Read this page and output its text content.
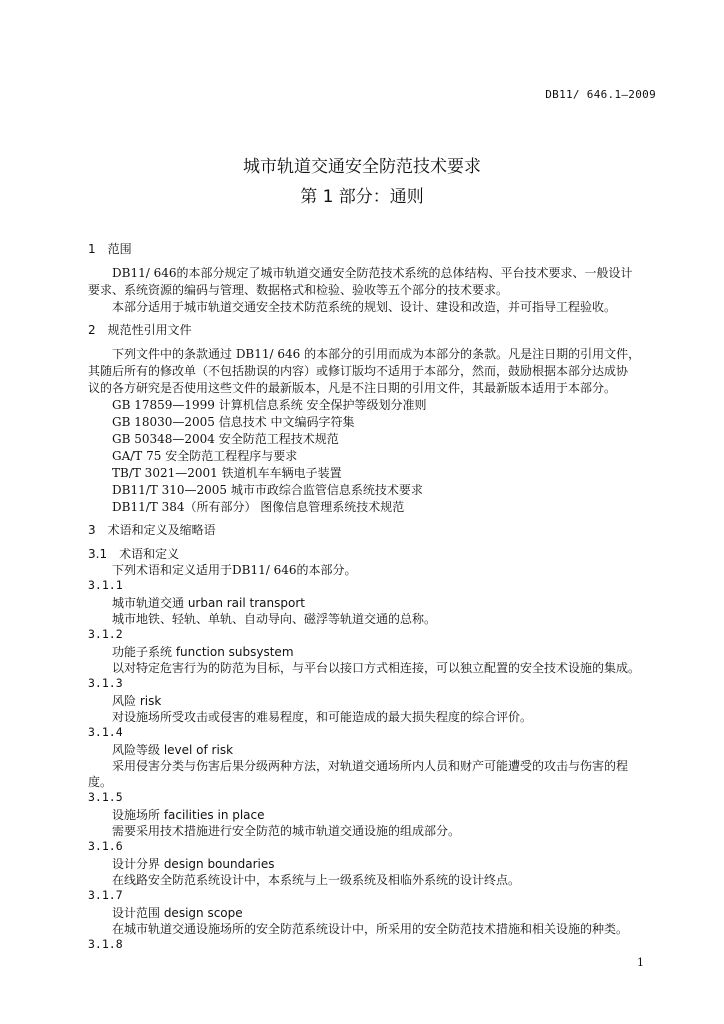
DB11/ 646.1—2009
城市轨道交通安全防范技术要求
第 1 部分：通则
1　范围
DB11/ 646的本部分规定了城市轨道交通安全防范技术系统的总体结构、平台技术要求、一般设计
要求、系统资源的编码与管理、数据格式和检验、验收等五个部分的技术要求。
本部分适用于城市轨道交通安全技术防范系统的规划、设计、建设和改造，并可指导工程验收。
2　规范性引用文件
下列文件中的条款通过 DB11/ 646 的本部分的引用而成为本部分的条款。凡是注日期的引用文件，
其随后所有的修改单（不包括勘误的内容）或修订版均不适用于本部分，然而，鼓励根据本部分达成协
议的各方研究是否使用这些文件的最新版本，凡是不注日期的引用文件，其最新版本适用于本部分。
GB 17859—1999 计算机信息系统 安全保护等级划分准则
GB 18030—2005 信息技术 中文编码字符集
GB 50348—2004 安全防范工程技术规范
GA/T 75 安全防范工程程序与要求
TB/T 3021—2001 铁道机车车辆电子装置
DB11/T 310—2005 城市市政综合监管信息系统技术要求
DB11/T 384（所有部分） 图像信息管理系统技术规范
3　术语和定义及缩略语
3.1　术语和定义
下列术语和定义适用于DB11/ 646的本部分。
3.1.1
城市轨道交通 urban rail transport
城市地铁、轻轨、单轨、自动导向、磁浮等轨道交通的总称。
3.1.2
功能子系统 function subsystem
以对特定危害行为的防范为目标，与平台以接口方式相连接，可以独立配置的安全技术设施的集成。
3.1.3
风险 risk
对设施场所受攻击或侵害的难易程度，和可能造成的最大损失程度的综合评价。
3.1.4
风险等级 level of risk
采用侵害分类与伤害后果分级两种方法，对轨道交通场所内人员和财产可能遭受的攻击与伤害的程
度。
3.1.5
设施场所 facilities in place
需要采用技术措施进行安全防范的城市轨道交通设施的组成部分。
3.1.6
设计分界 design boundaries
在线路安全防范系统设计中，本系统与上一级系统及相临外系统的设计终点。
3.1.7
设计范围 design scope
在城市轨道交通设施场所的安全防范系统设计中，所采用的安全防范技术措施和相关设施的种类。
3.1.8
1
